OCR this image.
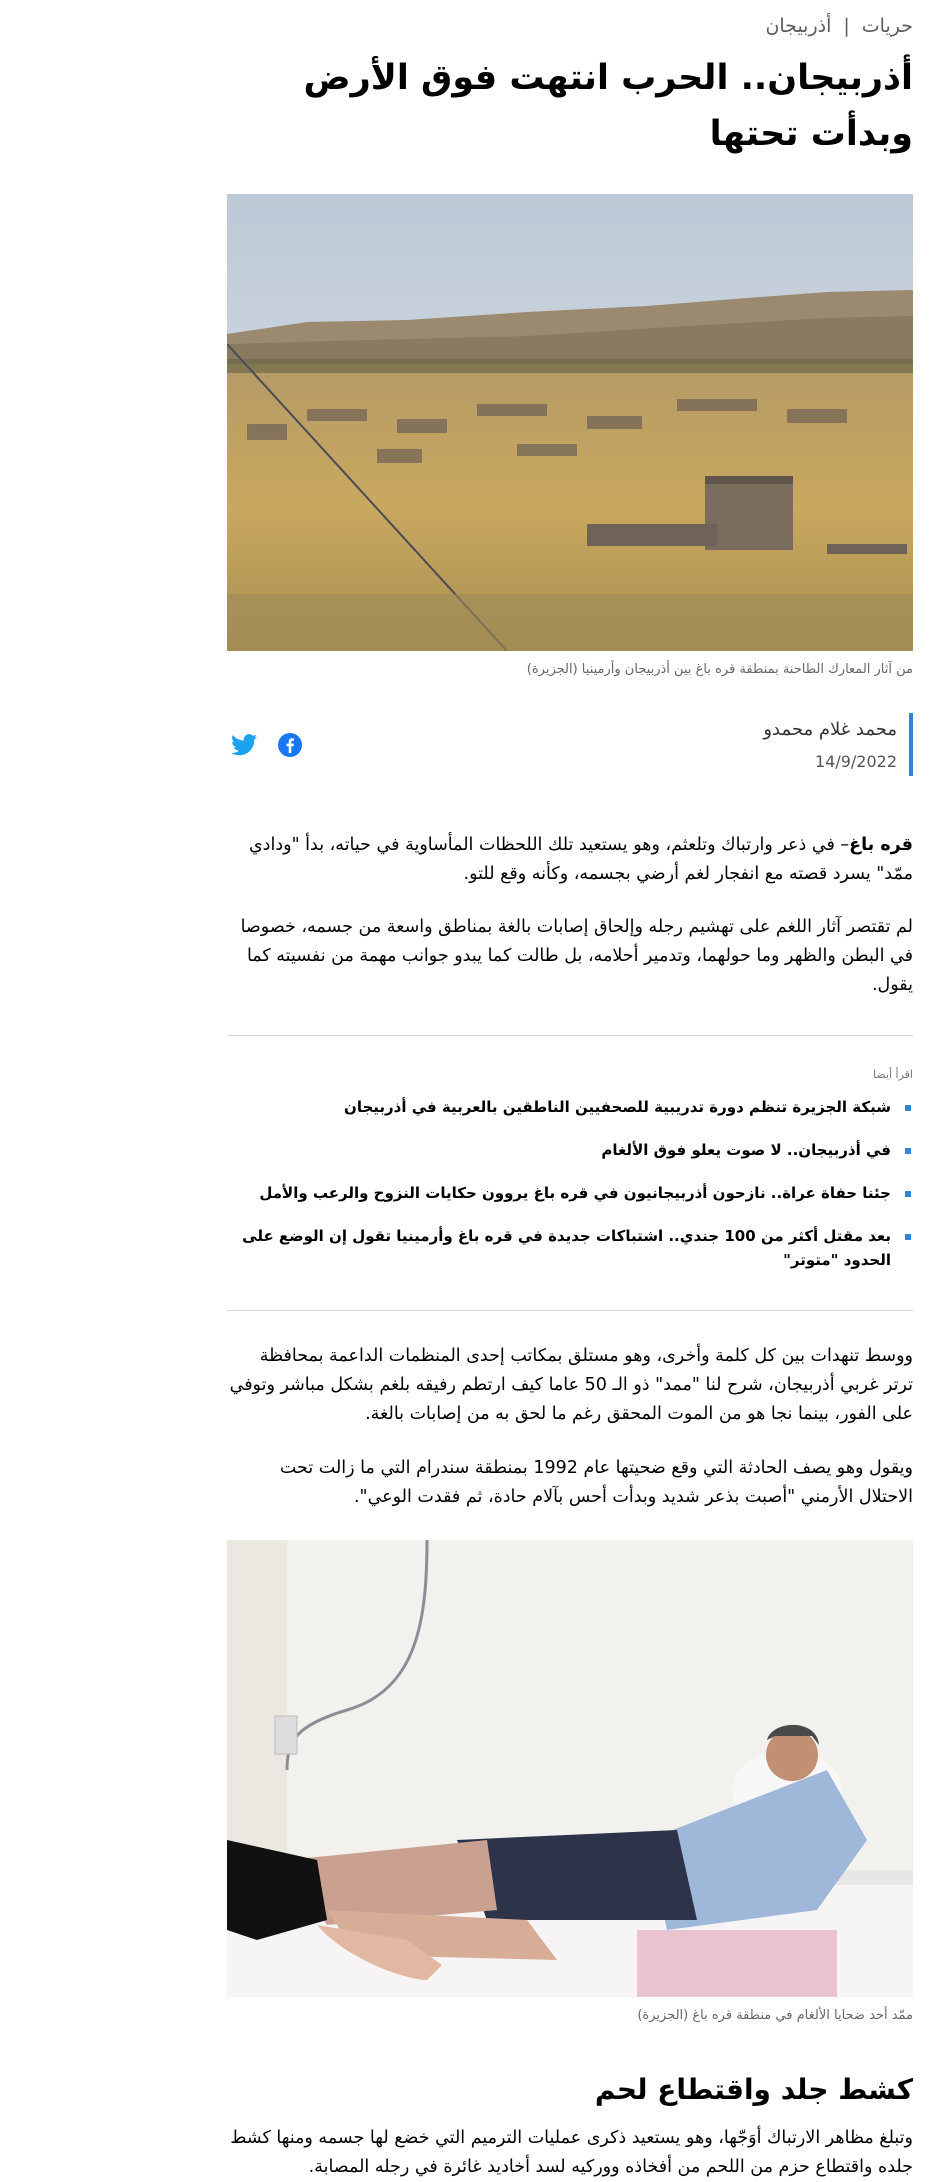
حريات
|
أذربيجان
أذربيجان.. الحرب انتهت فوق الأرض وبدأت تحتها
من آثار المعارك الطاحنة بمنطقة قره باغ بين أذربيجان وأرمينيا (الجزيرة)
محمد غلام محمدو
14/9/2022

قره باغ– في ذعر وارتباك وتلعثم، وهو يستعيد تلك اللحظات المأساوية في حياته، بدأ "ودادي ممّد" يسرد قصته مع انفجار لغم أرضي بجسمه، وكأنه وقع للتو.

لم تقتصر آثار اللغم على تهشيم رجله وإلحاق إصابات بالغة بمناطق واسعة من جسمه، خصوصا في البطن والظهر وما حولهما، وتدمير أحلامه، بل طالت كما يبدو جوانب مهمة من نفسيته كما يقول.

اقرأ أيضا
شبكة الجزيرة تنظم دورة تدريبية للصحفيين الناطقين بالعربية في أذربيجان
في أذربيجان.. لا صوت يعلو فوق الألغام
جئنا حفاة عراة.. نازحون أذربيجانيون في قره باغ يروون حكايات النزوح والرعب والأمل
بعد مقتل أكثر من 100 جندي.. اشتباكات جديدة في قره باغ وأرمينيا تقول إن الوضع على الحدود "متوتر"

ووسط تنهدات بين كل كلمة وأخرى، وهو مستلق بمكاتب إحدى المنظمات الداعمة بمحافظة ترتر غربي أذربيجان، شرح لنا "ممد" ذو الـ 50 عاما كيف ارتطم رفيقه بلغم بشكل مباشر وتوفي على الفور، بينما نجا هو من الموت المحقق رغم ما لحق به من إصابات بالغة.

ويقول وهو يصف الحادثة التي وقع ضحيتها عام 1992 بمنطقة سندرام التي ما زالت تحت الاحتلال الأرمني "أصبت بذعر شديد وبدأت أحس بآلام حادة، ثم فقدت الوعي".

ممّد أحد ضحايا الألغام في منطقة قره باغ (الجزيرة)
كشط جلد واقتطاع لحم

وتبلغ مظاهر الارتباك أوَجّها، وهو يستعيد ذكرى عمليات الترميم التي خضع لها جسمه ومنها كشط جلده واقتطاع حزم من اللحم من أفخاذه ووركيه لسد أخاديد غائرة في رجله المصابة.
